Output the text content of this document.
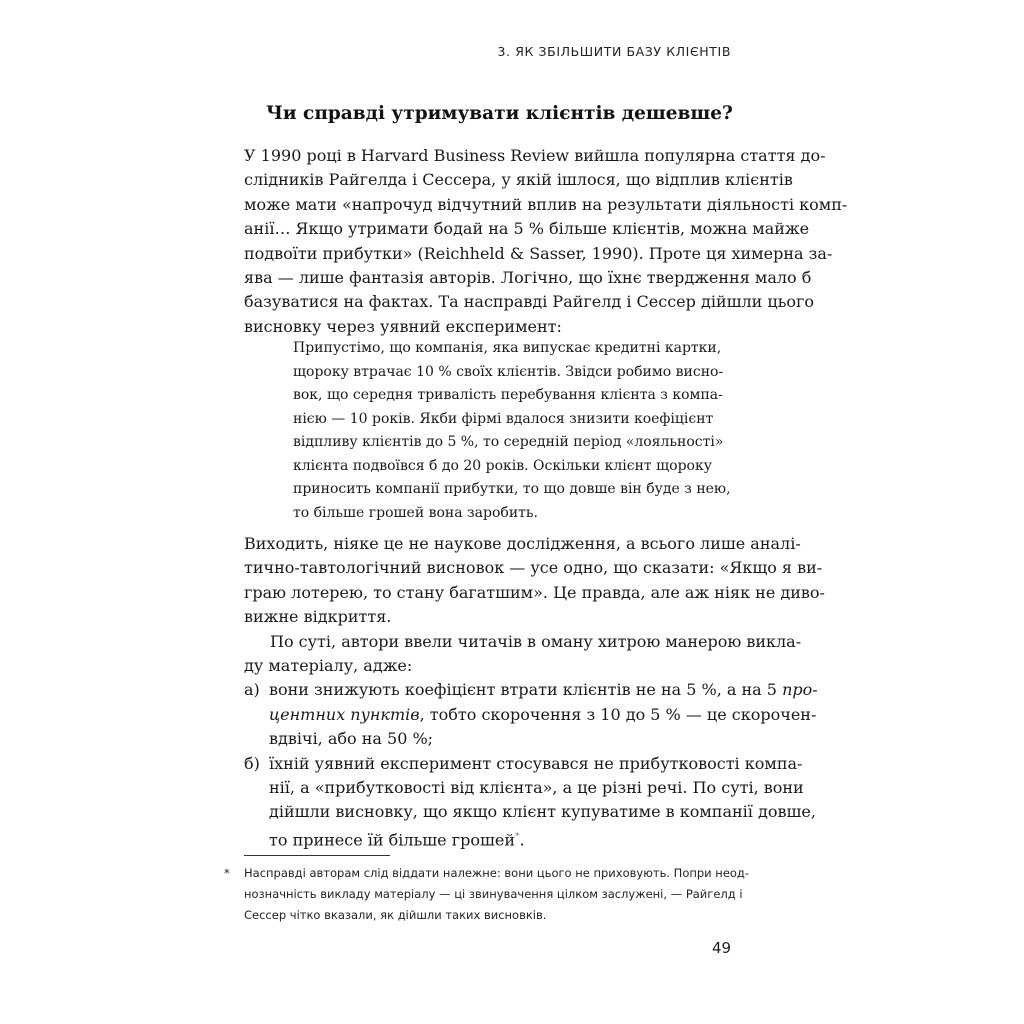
3. ЯК ЗБІЛЬШИТИ БАЗУ КЛІЄНТІВ
Чи справді утримувати клієнтів дешевше?
У 1990 році в Harvard Business Review вийшла популярна стаття до-
слідників Райгелда і Сессера, у якій ішлося, що відплив клієнтів
може мати «напрочуд відчутний вплив на результати діяльності комп-
анії… Якщо утримати бодай на 5 % більше клієнтів, можна майже
подвоїти прибутки» (Reichheld & Sasser, 1990). Проте ця химерна за-
ява — лише фантазія авторів. Логічно, що їхнє твердження мало б
базуватися на фактах. Та насправді Райгелд і Сессер дійшли цього
висновку через уявний експеримент:
Припустімо, що компанія, яка випускає кредитні картки,
щороку втрачає 10 % своїх клієнтів. Звідси робимо висно-
вок, що середня тривалість перебування клієнта з компа-
нією — 10 років. Якби фірмі вдалося знизити коефіцієнт
відпливу клієнтів до 5 %, то середній період «лояльності»
клієнта подвоївся б до 20 років. Оскільки клієнт щороку
приносить компанії прибутки, то що довше він буде з нею,
то більше грошей вона заробить.
Виходить, ніяке це не наукове дослідження, а всього лише аналі-
тично-тавтологічний висновок — усе одно, що сказати: «Якщо я ви-
граю лотерею, то стану багатшим». Це правда, але аж ніяк не диво-
вижне відкриття.
По суті, автори ввели читачів в оману хитрою манерою виклa-
ду матеріалу, адже:
а) вони знижують коефіцієнт втрати клієнтів не на 5 %, а на 5 про-
центних пунктів, тобто скорочення з 10 до 5 % — це скорочен-
вдвічі, або на 50 %;
б) їхній уявний експеримент стосувався не прибутковості компа-
нії, а «прибутковості від клієнта», а це різні речі. По суті, вони
дійшли висновку, що якщо клієнт купуватиме в компанії довше,
то принесе їй більше грошей*.
* Насправді авторам слід віддати належне: вони цього не приховують. Попри неод-
нозначність викладу матеріалу — ці звинувачення цілком заслужені, — Райгелд і
Сессер чітко вказали, як дійшли таких висновків.
49
